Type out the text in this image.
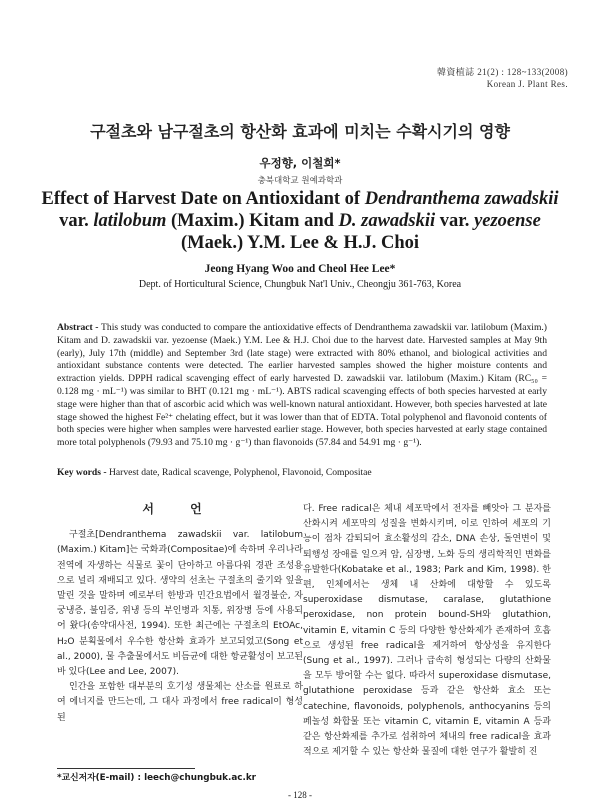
韓資植誌 21(2) : 128~133(2008)
Korean J. Plant Res.
구절초와 남구절초의 항산화 효과에 미치는 수확시기의 영향
우정향, 이철희*
충북대학교 원예과학과
Effect of Harvest Date on Antioxidant of Dendranthema zawadskii
var. latilobum (Maxim.) Kitam and D. zawadskii var. yezoense
(Maek.) Y.M. Lee & H.J. Choi
Jeong Hyang Woo and Cheol Hee Lee*
Dept. of Horticultural Science, Chungbuk Nat'l Univ., Cheongju 361-763, Korea
Abstract - This study was conducted to compare the antioxidative effects of Dendranthema zawadskii var. latilobum (Maxim.) Kitam and D. zawadskii var. yezoense (Maek.) Y.M. Lee & H.J. Choi due to the harvest date. Harvested samples at May 9th (early), July 17th (middle) and September 3rd (late stage) were extracted with 80% ethanol, and biological activities and antioxidant substance contents were detected. The earlier harvested samples showed the higher moisture contents and extraction yields. DPPH radical scavenging effect of early harvested D. zawadskii var. latilobum (Maxim.) Kitam (RC₅₀ = 0.128 mg · mL⁻¹) was similar to BHT (0.121 mg · mL⁻¹). ABTS radical scavenging effects of both species harvested at early stage were higher than that of ascorbic acid which was well-known natural antioxidant. However, both species harvested at late stage showed the highest Fe²⁺ chelating effect, but it was lower than that of EDTA. Total polyphenol and flavonoid contents of both species were higher when samples were harvested earlier stage. However, both species harvested at early stage contained more total polyphenols (79.93 and 75.10 mg · g⁻¹) than flavonoids (57.84 and 54.91 mg · g⁻¹).
Key words - Harvest date, Radical scavenge, Polyphenol, Flavonoid, Compositae
서 언

구절초[Dendranthema zawadskii var. latilobum (Maxim.) Kitam]는 국화과(Compositae)에 속하며 우리나라 전역에 자생하는 식물로 꽃이 단아하고 아름다워 경관 조성용으로 널리 재배되고 있다. 생약의 선초는 구절초의 줄기와 잎을 말린 것을 말하며 예로부터 한방과 민간요법에서 월경불순, 자궁냉증, 불임증, 위냉 등의 부인병과 치통, 위장병 등에 사용되어 왔다(송약대사전, 1994). 또한 최근에는 구절초의 EtOAc, H₂O 분획물에서 우수한 항산화 효과가 보고되었고(Song et al., 2000), 물 추출물에서도 비듬균에 대한 항균활성이 보고된 바 있다(Lee and Lee, 2007).

인간을 포함한 대부분의 호기성 생물체는 산소를 원료로 하여 에너지를 만드는데, 그 대사 과정에서 free radical이 형성된

다. Free radical은 체내 세포막에서 전자를 빼앗아 그 분자를 산화시켜 세포막의 성질을 변화시키며, 이로 인하여 세포의 기능이 점차 감퇴되어 효소활성의 감소, DNA 손상, 돌연변이 및 퇴행성 장애를 일으켜 암, 심장병, 노화 등의 생리학적인 변화를 유발한다(Kobatake et al., 1983; Park and Kim, 1998). 한편, 인체에서는 생체 내 산화에 대항할 수 있도록 superoxidase dismutase, caralase, glutathione peroxidase, non protein bound-SH와 glutathion, vitamin E, vitamin C 등의 다양한 항산화제가 존재하여 호흡으로 생성된 free radical을 제거하여 항상성을 유지한다(Sung et al., 1997). 그러나 급속히 형성되는 다량의 산화물을 모두 방어할 수는 없다. 따라서 superoxidase dismutase, glutathione peroxidase 등과 같은 항산화 효소 또는 catechine, flavonoids, polyphenols, anthocyanins 등의 페놀성 화합물 또는 vitamin C, vitamin E, vitamin A 등과 같은 항산화제를 추가로 섭취하여 체내의 free radical을 효과적으로 제거할 수 있는 항산화 물질에 대한 연구가 활발히 진

*교신저자(E-mail) : leech@chungbuk.ac.kr
- 128 -
